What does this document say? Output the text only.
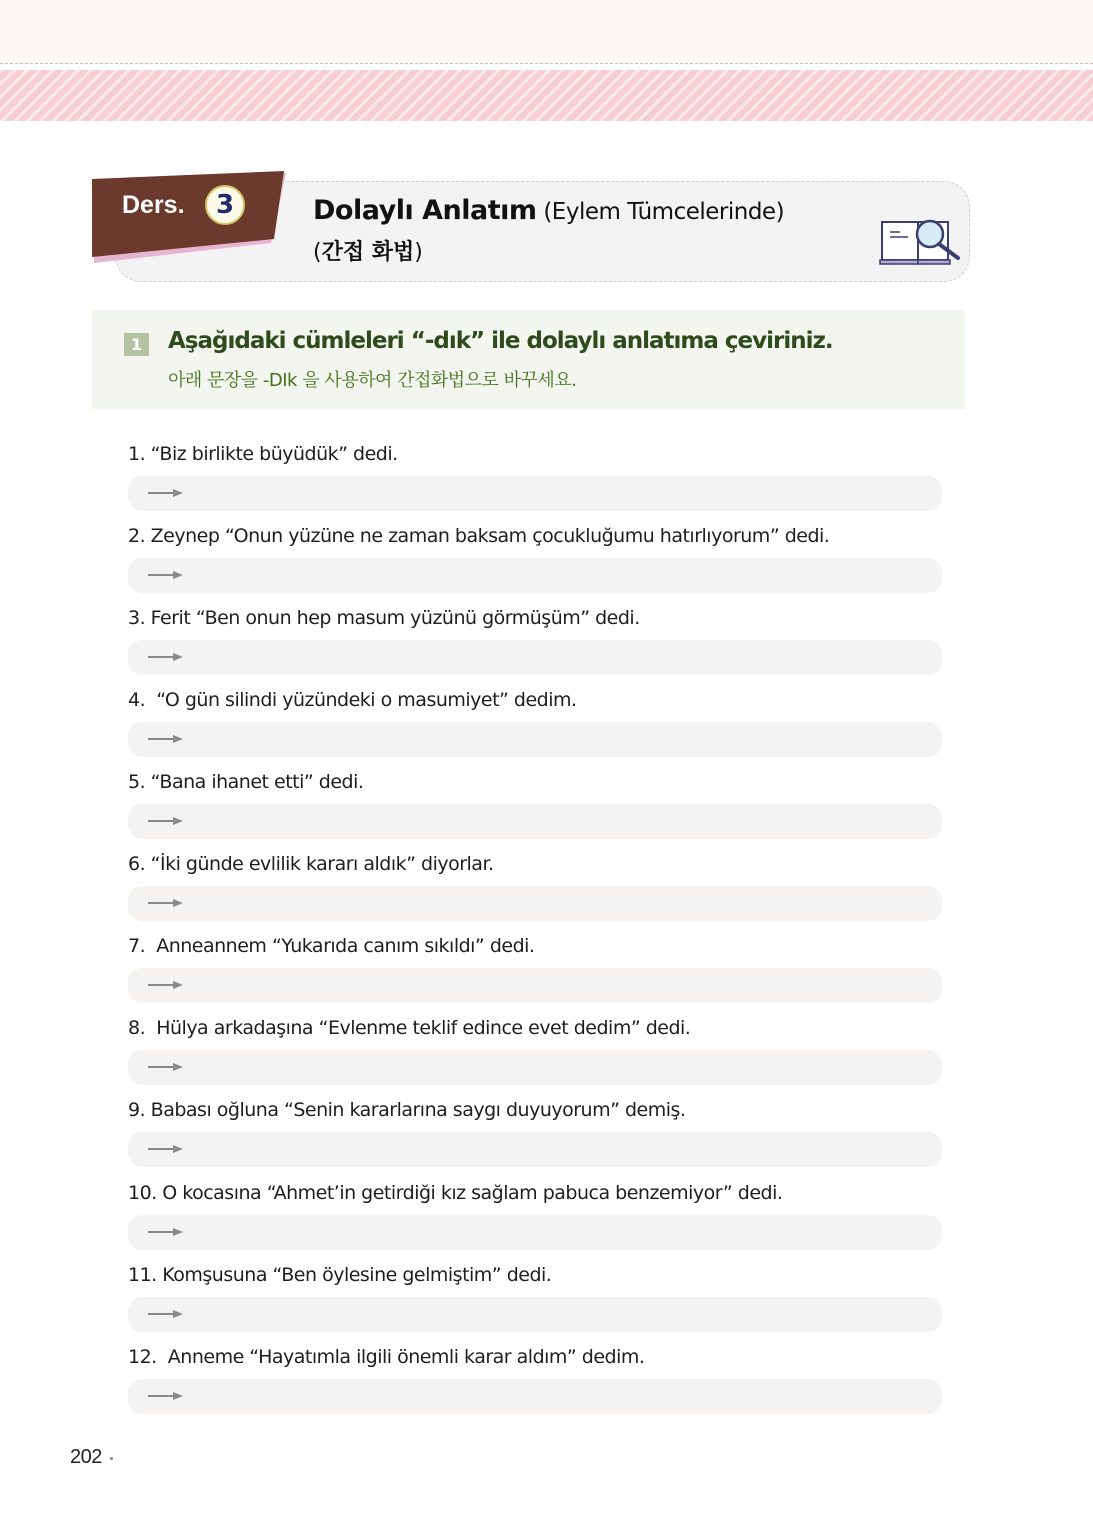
Ders.	3	Dolaylı Anlatım (Eylem Tümcelerinde)
(간접 화법)
1	Aşağıdaki cümleleri “-dık” ile dolaylı anlatıma çeviriniz.
아래 문장을 -DIk 을 사용하여 간접화법으로 바꾸세요.
1. “Biz birlikte büyüdük” dedi.
2. Zeynep “Onun yüzüne ne zaman baksam çocukluğumu hatırlıyorum” dedi.
3. Ferit “Ben onun hep masum yüzünü görmüşüm” dedi.
4.  “O gün silindi yüzündeki o masumiyet” dedim.
5. “Bana ihanet etti” dedi.
6. “İki günde evlilik kararı aldık” diyorlar.
7.  Anneannem “Yukarıda canım sıkıldı” dedi.
8.  Hülya arkadaşına “Evlenme teklif edince evet dedim” dedi.
9. Babası oğluna “Senin kararlarına saygı duyuyorum” demiş.
10. O kocasına “Ahmet’in getirdiği kız sağlam pabuca benzemiyor” dedi.
11. Komşusuna “Ben öylesine gelmiştim” dedi.
12.  Anneme “Hayatımla ilgili önemli karar aldım” dedim.
202
